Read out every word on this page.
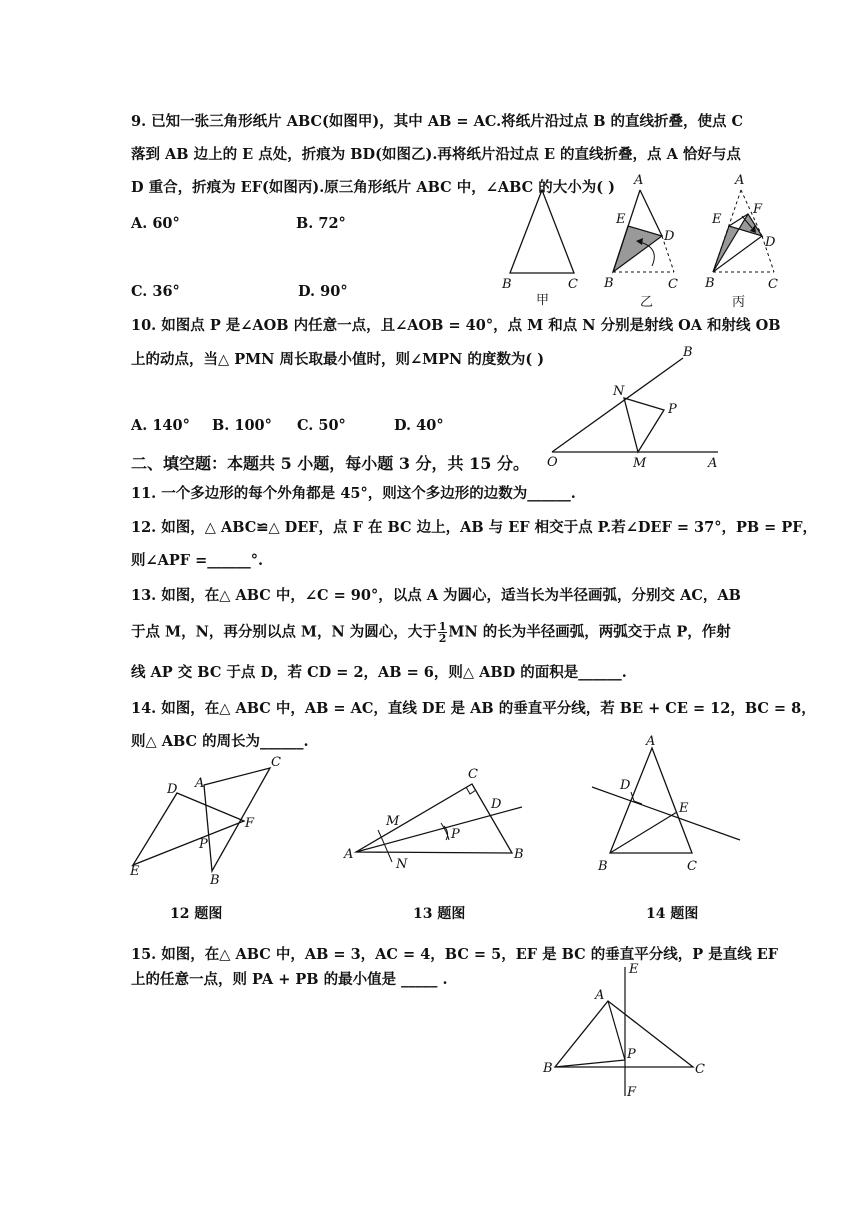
9. 已知一张三角形纸片 ABC(如图甲)，其中 AB = AC.将纸片沿过点 B 的直线折叠，使点 C
落到 AB 边上的 E 点处，折痕为 BD(如图乙).再将纸片沿过点 E 的直线折叠，点 A 恰好与点
D 重合，折痕为 EF(如图丙).原三角形纸片 ABC 中，∠ABC 的大小为( )
A. 60°	B. 72°
C. 36°	D. 90°	B	C
甲
A
E
D
B	C
乙
A
E
F
D
B	C
丙
10. 如图点 P 是∠AOB 内任意一点，且∠AOB = 40°，点 M 和点 N 分别是射线 OA 和射线 OB
上的动点，当△ PMN 周长取最小值时，则∠MPN 的度数为( )
A. 140° B. 100° C. 50°	D. 40°
O	A
B
N
P
M
二、填空题：本题共 5 小题，每小题 3 分，共 15 分。
11. 一个多边形的每个外角都是 45°，则这个多边形的边数为______.
12. 如图，△ ABC≌△ DEF，点 F 在 BC 边上，AB 与 EF 相交于点 P.若∠DEF = 37°，PB = PF，
则∠APF =______°.
13. 如图，在△ ABC 中，∠C = 90°，以点 A 为圆心，适当长为半径画弧，分别交 AC，AB
于点 M，N，再分别以点 M，N 为圆心，大于 $\frac{1}{2}$ MN 的长为半径画弧，两弧交于点 P，作射
线 AP 交 BC 于点 D，若 CD = 2，AB = 6，则△ ABD 的面积是______.
14. 如图，在△ ABC 中，AB = AC，直线 DE 是 AB 的垂直平分线，若 BE + CE = 12，BC = 8，
则△ ABC 的周长为______.
C
A
D
F
P
E
B
C
D
M
P
A
N
B
A
D
E
B	C
12 题图	13 题图	14 题图
15. 如图，在△ ABC 中，AB = 3，AC = 4，BC = 5，EF 是 BC 的垂直平分线，P 是直线 EF
上的任意一点，则 PA + PB 的最小值是 _____ .
E
A
P
B	C
F
